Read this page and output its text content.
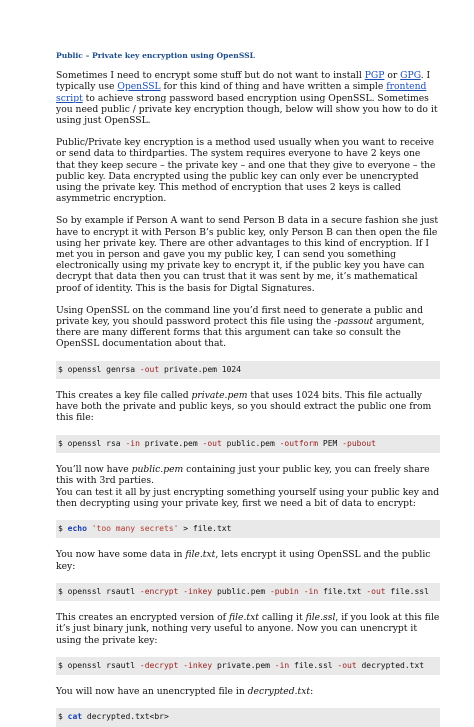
Public – Private key encryption using OpenSSL

Sometimes I need to encrypt some stuff but do not want to install PGP or GPG. I typically use OpenSSL for this kind of thing and have written a simple frontend script to achieve strong password based encryption using OpenSSL. Sometimes you need public / private key encryption though, below will show you how to do it using just OpenSSL.

Public/Private key encryption is a method used usually when you want to receive or send data to thirdparties. The system requires everyone to have 2 keys one that they keep secure – the private key – and one that they give to everyone – the public key. Data encrypted using the public key can only ever be unencrypted using the private key. This method of encryption that uses 2 keys is called asymmetric encryption.

So by example if Person A want to send Person B data in a secure fashion she just have to encrypt it with Person B’s public key, only Person B can then open the file using her private key. There are other advantages to this kind of encryption. If I met you in person and gave you my public key, I can send you something electronically using my private key to encrypt it, if the public key you have can decrypt that data then you can trust that it was sent by me, it’s mathematical proof of identity. This is the basis for Digtal Signatures.

Using OpenSSL on the command line you’d first need to generate a public and private key, you should password protect this file using the -passout argument, there are many different forms that this argument can take so consult the OpenSSL documentation about that.

$ openssl genrsa -out private.pem 1024

This creates a key file called private.pem that uses 1024 bits. This file actually have both the private and public keys, so you should extract the public one from this file:

$ openssl rsa -in private.pem -out public.pem -outform PEM -pubout

You’ll now have public.pem containing just your public key, you can freely share this with 3rd parties.
You can test it all by just encrypting something yourself using your public key and then decrypting using your private key, first we need a bit of data to encrypt:

$ echo 'too many secrets' > file.txt

You now have some data in file.txt, lets encrypt it using OpenSSL and the public key:

$ openssl rsautl -encrypt -inkey public.pem -pubin -in file.txt -out file.ssl

This creates an encrypted version of file.txt calling it file.ssl, if you look at this file it’s just binary junk, nothing very useful to anyone. Now you can unencrypt it using the private key:

$ openssl rsautl -decrypt -inkey private.pem -in file.ssl -out decrypted.txt

You will now have an unencrypted file in decrypted.txt:

$ cat decrypted.txt<br>
